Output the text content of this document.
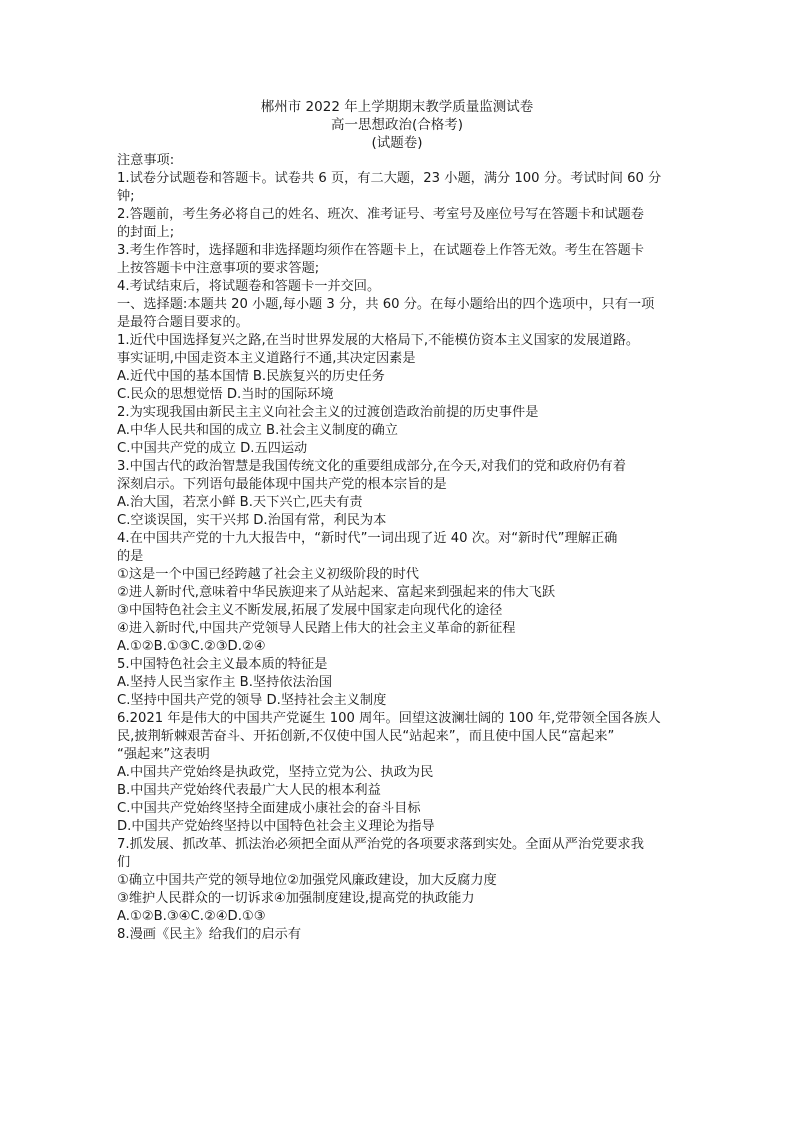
郴州市 2022 年上学期期末教学质量监测试卷
高一思想政治(合格考)
(试题卷)
注意事项:
1.试卷分试题卷和答题卡。试卷共 6 页，有二大题，23 小题，满分 100 分。考试时间 60 分
钟;
2.答题前，考生务必将自己的姓名、班次、准考证号、考室号及座位号写在答题卡和试题卷
的封面上;
3.考生作答时，选择题和非选择题均须作在答题卡上，在试题卷上作答无效。考生在答题卡
上按答题卡中注意事项的要求答题;
4.考试结束后，将试题卷和答题卡一并交回。
一、选择题:本题共 20 小题,每小题 3 分，共 60 分。在每小题给出的四个选项中，只有一项
是最符合题目要求的。
1.近代中国选择复兴之路,在当时世界发展的大格局下,不能模仿资本主义国家的发展道路。
事实证明,中国走资本主义道路行不通,其决定因素是
A.近代中国的基本国情 B.民族复兴的历史任务
C.民众的思想觉悟 D.当时的国际环境
2.为实现我国由新民主主义向社会主义的过渡创造政治前提的历史事件是
A.中华人民共和国的成立 B.社会主义制度的确立
C.中国共产党的成立 D.五四运动
3.中国古代的政治智慧是我国传统文化的重要组成部分,在今天,对我们的党和政府仍有着
深刻启示。下列语句最能体现中国共产党的根本宗旨的是
A.治大国，若烹小鲜 B.天下兴亡,匹夫有责
C.空谈误国，实干兴邦 D.治国有常，利民为本
4.在中国共产党的十九大报告中，“新时代”一词出现了近 40 次。对“新时代”理解正确
的是
①这是一个中国已经跨越了社会主义初级阶段的时代
②进人新时代,意味着中华民族迎来了从站起来、富起来到强起来的伟大飞跃
③中国特色社会主义不断发展,拓展了发展中国家走向现代化的途径
④进入新时代,中国共产党领导人民踏上伟大的社会主义革命的新征程
A.①②B.①③C.②③D.②④
5.中国特色社会主义最本质的特征是
A.坚持人民当家作主 B.坚持依法治国
C.坚持中国共产党的领导 D.坚持社会主义制度
6.2021 年是伟大的中国共产党诞生 100 周年。回望这波澜壮阔的 100 年,党带领全国各族人
民,披荆斩棘艰苦奋斗、开拓创新,不仅使中国人民“站起来”，而且使中国人民“富起来”
“强起来”这表明
A.中国共产党始终是执政党，坚持立党为公、执政为民
B.中国共产党始终代表最广大人民的根本利益
C.中国共产党始终坚持全面建成小康社会的奋斗目标
D.中国共产党始终坚持以中国特色社会主义理论为指导
7.抓发展、抓改革、抓法治必须把全面从严治党的各项要求落到实处。全面从严治党要求我
们
①确立中国共产党的领导地位②加强党风廉政建设，加大反腐力度
③维护人民群众的一切诉求④加强制度建设,提高党的执政能力
A.①②B.③④C.②④D.①③
8.漫画《民主》给我们的启示有
